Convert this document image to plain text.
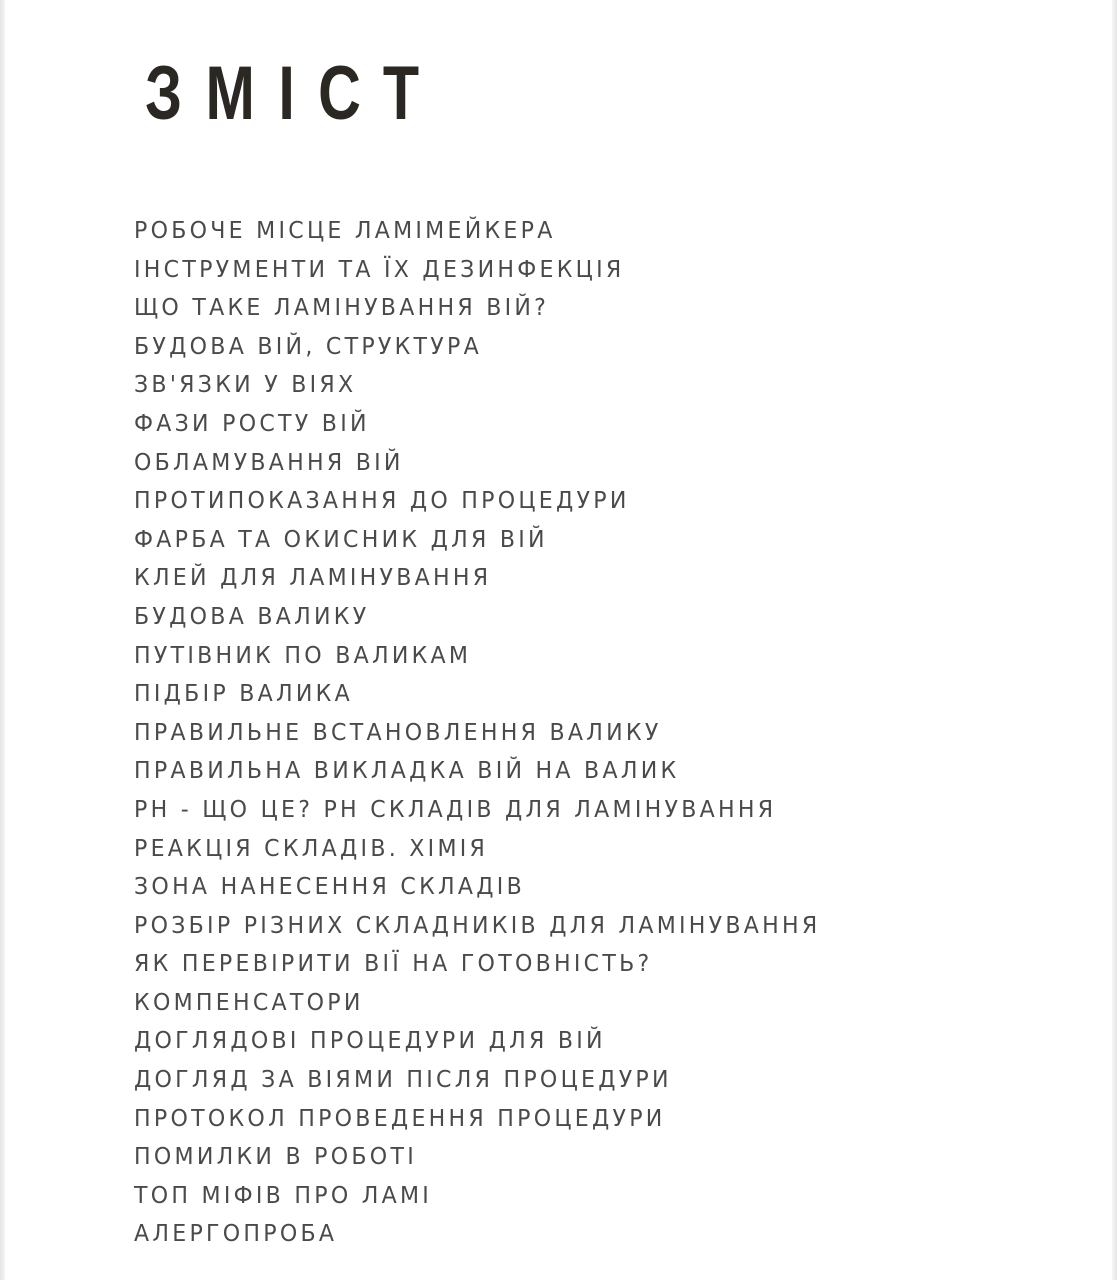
ЗМІСТ
РОБОЧЕ МІСЦЕ ЛАМІМЕЙКЕРА
ІНСТРУМЕНТИ ТА ЇХ ДЕЗИНФЕКЦІЯ
ЩО ТАКЕ ЛАМІНУВАННЯ ВІЙ?
БУДОВА ВІЙ, СТРУКТУРА
ЗВ'ЯЗКИ У ВІЯХ
ФАЗИ РОСТУ ВІЙ
ОБЛАМУВАННЯ ВІЙ
ПРОТИПОКАЗАННЯ ДО ПРОЦЕДУРИ
ФАРБА ТА ОКИСНИК ДЛЯ ВІЙ
КЛЕЙ ДЛЯ ЛАМІНУВАННЯ
БУДОВА ВАЛИКУ
ПУТІВНИК ПО ВАЛИКАМ
ПІДБІР ВАЛИКА
ПРАВИЛЬНЕ ВСТАНОВЛЕННЯ ВАЛИКУ
ПРАВИЛЬНА ВИКЛАДКА ВІЙ НА ВАЛИК
PH - ЩО ЦЕ? PH СКЛАДІВ ДЛЯ ЛАМІНУВАННЯ
РЕАКЦІЯ СКЛАДІВ. ХІМІЯ
ЗОНА НАНЕСЕННЯ СКЛАДІВ
РОЗБІР РІЗНИХ СКЛАДНИКІВ ДЛЯ ЛАМІНУВАННЯ
ЯК ПЕРЕВІРИТИ ВІЇ НА ГОТОВНІСТЬ?
КОМПЕНСАТОРИ
ДОГЛЯДОВІ ПРОЦЕДУРИ ДЛЯ ВІЙ
ДОГЛЯД ЗА ВІЯМИ ПІСЛЯ ПРОЦЕДУРИ
ПРОТОКОЛ ПРОВЕДЕННЯ ПРОЦЕДУРИ
ПОМИЛКИ В РОБОТІ
ТОП МІФІВ ПРО ЛАМІ
АЛЕРГОПРОБА
